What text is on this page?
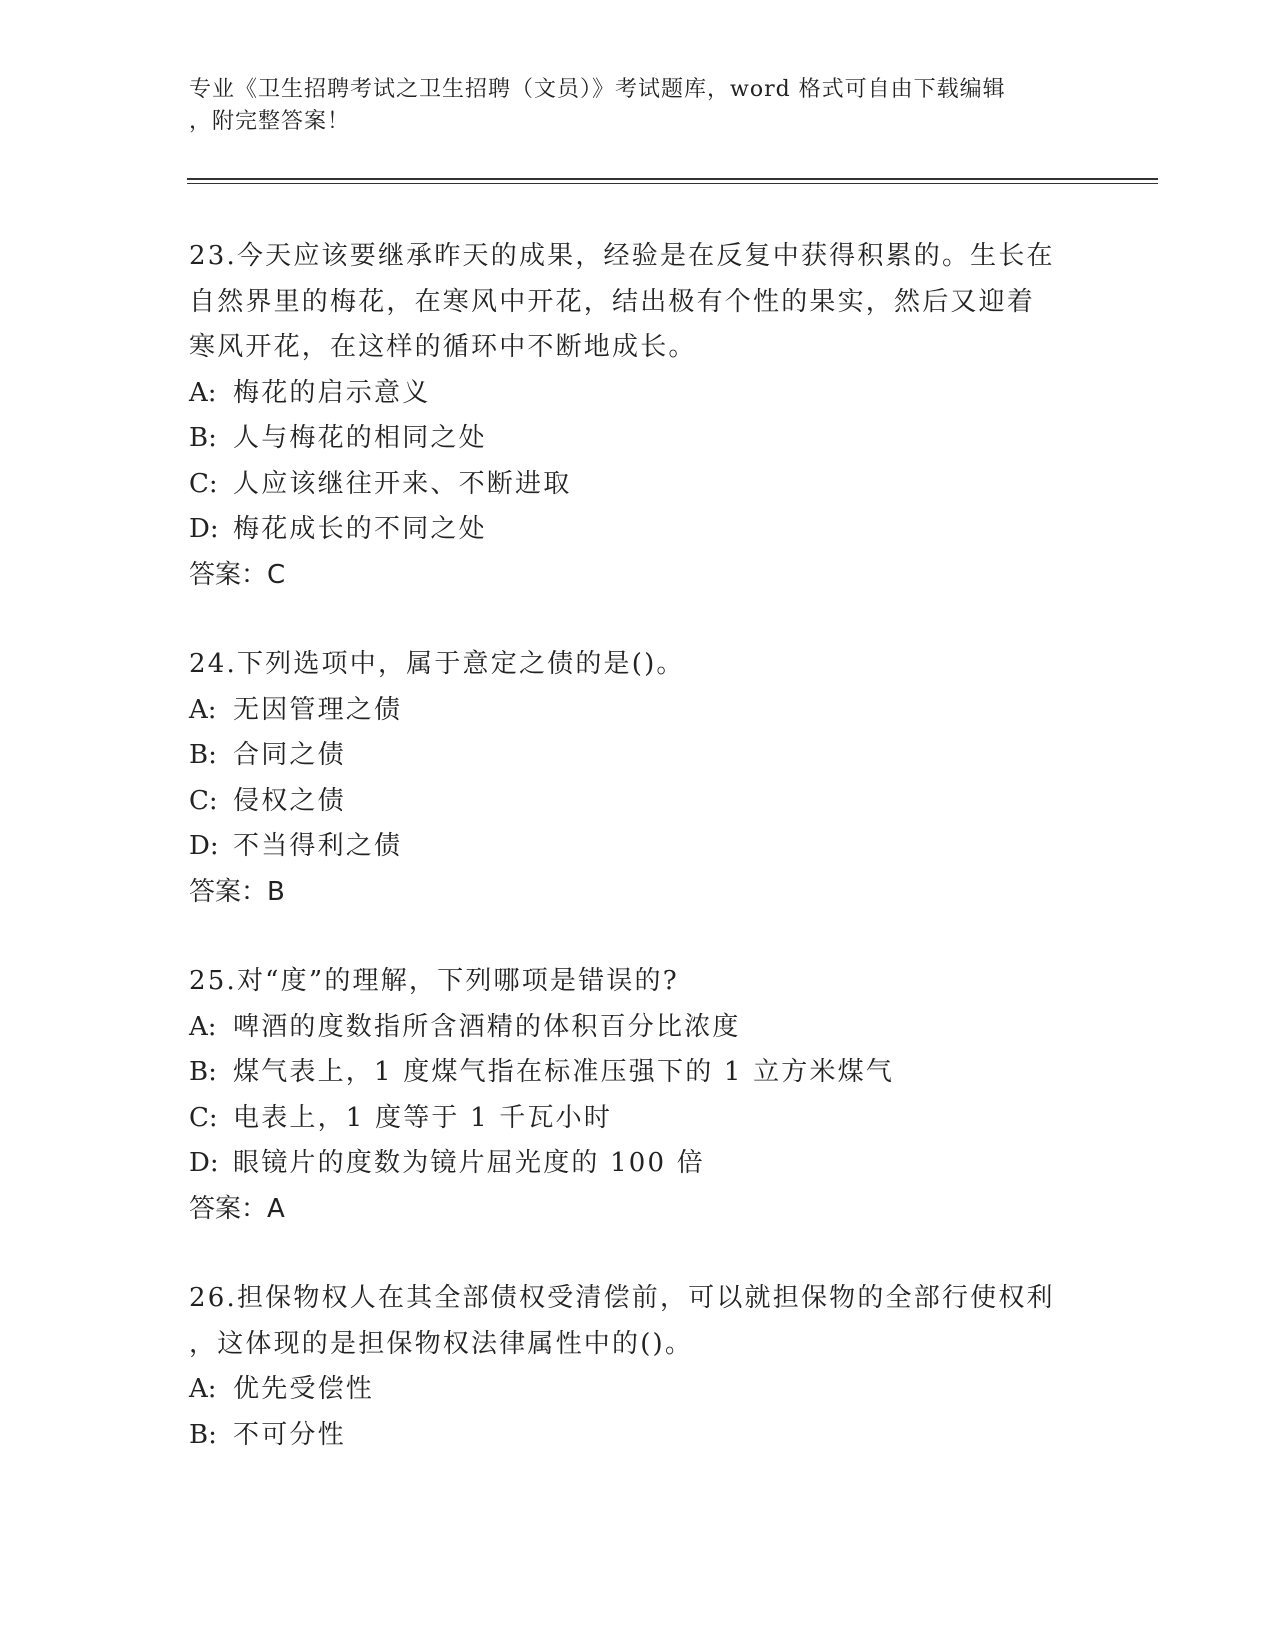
专业《卫生招聘考试之卫生招聘（文员）》考试题库，word 格式可自由下载编辑
，附完整答案！
23.今天应该要继承昨天的成果，经验是在反复中获得积累的。生长在
自然界里的梅花，在寒风中开花，结出极有个性的果实，然后又迎着
寒风开花，在这样的循环中不断地成长。
A: 梅花的启示意义
B: 人与梅花的相同之处
C: 人应该继往开来、不断进取
D: 梅花成长的不同之处
答案：C
24.下列选项中，属于意定之债的是()。
A: 无因管理之债
B: 合同之债
C: 侵权之债
D: 不当得利之债
答案：B
25.对“度”的理解，下列哪项是错误的?
A: 啤酒的度数指所含酒精的体积百分比浓度
B: 煤气表上，1 度煤气指在标准压强下的 1 立方米煤气
C: 电表上，1 度等于 1 千瓦小时
D: 眼镜片的度数为镜片屈光度的 100 倍
答案：A
26.担保物权人在其全部债权受清偿前，可以就担保物的全部行使权利
，这体现的是担保物权法律属性中的()。
A: 优先受偿性
B: 不可分性
